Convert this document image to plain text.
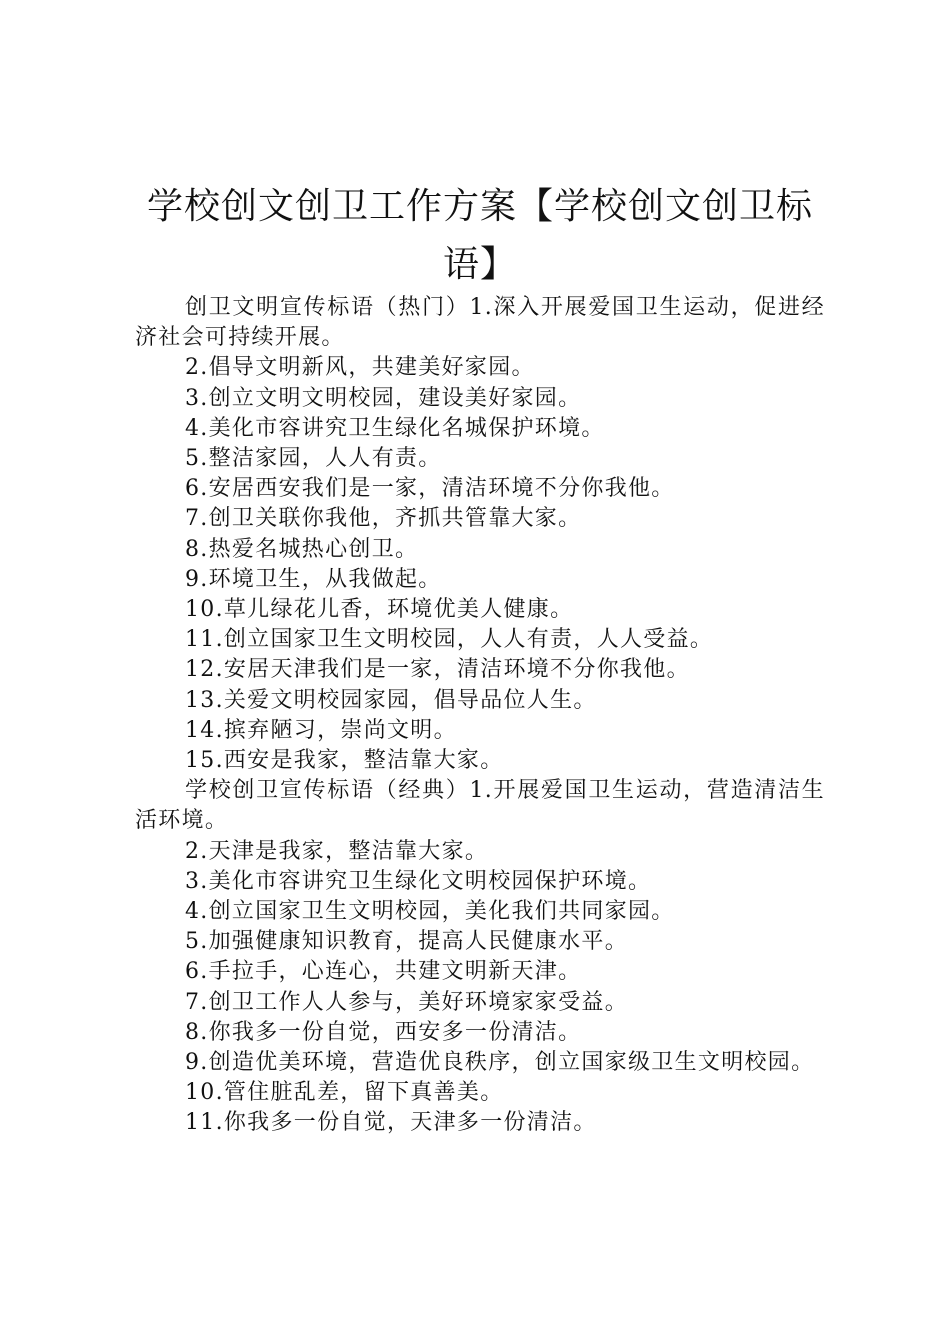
学校创文创卫工作方案【学校创文创卫标语】

创卫文明宣传标语（热门）1.深入开展爱国卫生运动，促进经济社会可持续开展。

2.倡导文明新风，共建美好家园。

3.创立文明文明校园，建设美好家园。

4.美化市容讲究卫生绿化名城保护环境。

5.整洁家园，人人有责。

6.安居西安我们是一家，清洁环境不分你我他。

7.创卫关联你我他，齐抓共管靠大家。

8.热爱名城热心创卫。

9.环境卫生，从我做起。

10.草儿绿花儿香，环境优美人健康。

11.创立国家卫生文明校园，人人有责，人人受益。

12.安居天津我们是一家，清洁环境不分你我他。

13.关爱文明校园家园，倡导品位人生。

14.摈弃陋习，崇尚文明。

15.西安是我家，整洁靠大家。

学校创卫宣传标语（经典）1.开展爱国卫生运动，营造清洁生活环境。

2.天津是我家，整洁靠大家。

3.美化市容讲究卫生绿化文明校园保护环境。

4.创立国家卫生文明校园，美化我们共同家园。

5.加强健康知识教育，提高人民健康水平。

6.手拉手，心连心，共建文明新天津。

7.创卫工作人人参与，美好环境家家受益。

8.你我多一份自觉，西安多一份清洁。

9.创造优美环境，营造优良秩序，创立国家级卫生文明校园。

10.管住脏乱差，留下真善美。

11.你我多一份自觉，天津多一份清洁。
